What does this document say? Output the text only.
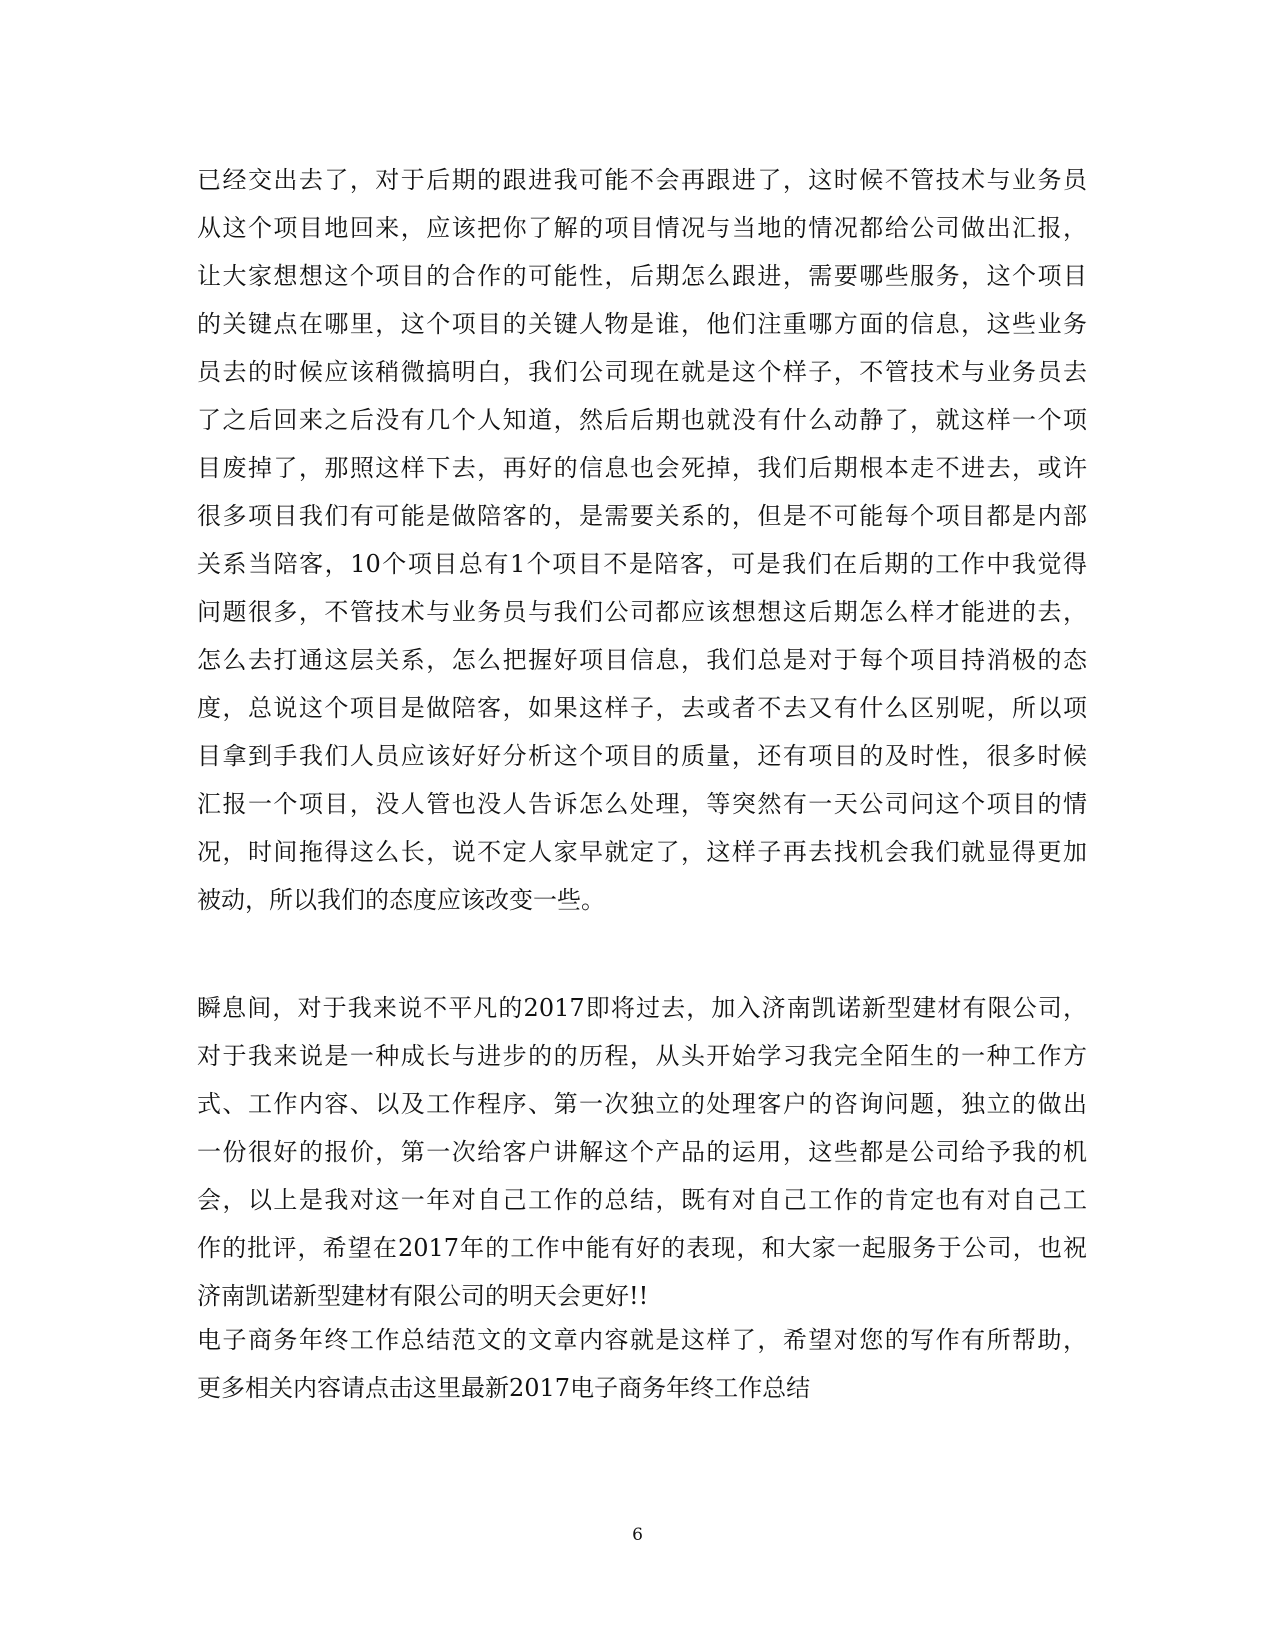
已经交出去了，对于后期的跟进我可能不会再跟进了，这时候不管技术与业务员
从这个项目地回来，应该把你了解的项目情况与当地的情况都给公司做出汇报，
让大家想想这个项目的合作的可能性，后期怎么跟进，需要哪些服务，这个项目
的关键点在哪里，这个项目的关键人物是谁，他们注重哪方面的信息，这些业务
员去的时候应该稍微搞明白，我们公司现在就是这个样子，不管技术与业务员去
了之后回来之后没有几个人知道，然后后期也就没有什么动静了，就这样一个项
目废掉了，那照这样下去，再好的信息也会死掉，我们后期根本走不进去，或许
很多项目我们有可能是做陪客的，是需要关系的，但是不可能每个项目都是内部
关系当陪客，10个项目总有1个项目不是陪客，可是我们在后期的工作中我觉得
问题很多，不管技术与业务员与我们公司都应该想想这后期怎么样才能进的去，
怎么去打通这层关系，怎么把握好项目信息，我们总是对于每个项目持消极的态
度，总说这个项目是做陪客，如果这样子，去或者不去又有什么区别呢，所以项
目拿到手我们人员应该好好分析这个项目的质量，还有项目的及时性，很多时候
汇报一个项目，没人管也没人告诉怎么处理，等突然有一天公司问这个项目的情
况，时间拖得这么长，说不定人家早就定了，这样子再去找机会我们就显得更加
被动，所以我们的态度应该改变一些。
瞬息间，对于我来说不平凡的2017即将过去，加入济南凯诺新型建材有限公司，
对于我来说是一种成长与进步的的历程，从头开始学习我完全陌生的一种工作方
式、工作内容、以及工作程序、第一次独立的处理客户的咨询问题，独立的做出
一份很好的报价，第一次给客户讲解这个产品的运用，这些都是公司给予我的机
会，以上是我对这一年对自己工作的总结，既有对自己工作的肯定也有对自己工
作的批评，希望在2017年的工作中能有好的表现，和大家一起服务于公司，也祝
济南凯诺新型建材有限公司的明天会更好!!
电子商务年终工作总结范文的文章内容就是这样了，希望对您的写作有所帮助，
更多相关内容请点击这里最新2017电子商务年终工作总结
6
